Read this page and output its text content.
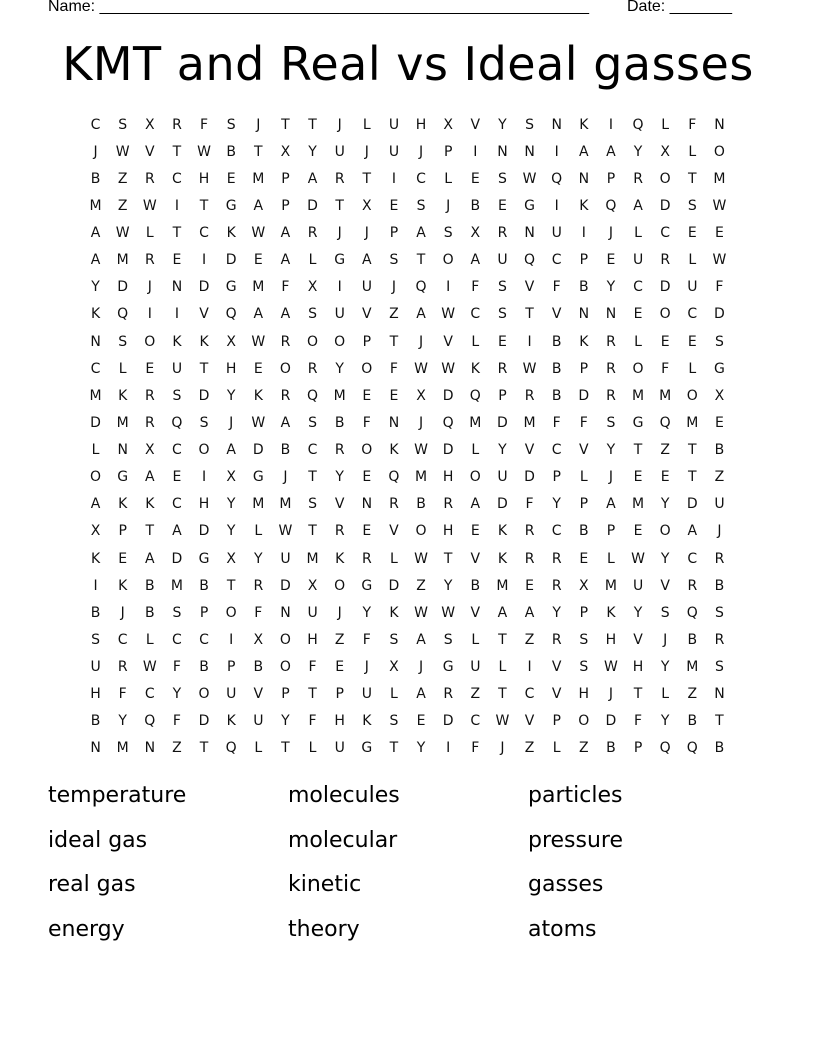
Name: _______________________________________________________ Date: _______
KMT and Real vs Ideal gasses
C	S	X	R	F	S	J	T	T	J	L	U	H	X	V	Y	S	N	K	I	Q	L	F	N
J	W	V	T	W	B	T	X	Y	U	J	U	J	P	I	N	N	I	A	A	Y	X	L	O
B	Z	R	C	H	E	M	P	A	R	T	I	C	L	E	S	W	Q	N	P	R	O	T	M
M	Z	W	I	T	G	A	P	D	T	X	E	S	J	B	E	G	I	K	Q	A	D	S	W
A	W	L	T	C	K	W	A	R	J	J	P	A	S	X	R	N	U	I	J	L	C	E	E
A	M	R	E	I	D	E	A	L	G	A	S	T	O	A	U	Q	C	P	E	U	R	L	W
Y	D	J	N	D	G	M	F	X	I	U	J	Q	I	F	S	V	F	B	Y	C	D	U	F
K	Q	I	I	V	Q	A	A	S	U	V	Z	A	W	C	S	T	V	N	N	E	O	C	D
N	S	O	K	K	X	W	R	O	O	P	T	J	V	L	E	I	B	K	R	L	E	E	S
C	L	E	U	T	H	E	O	R	Y	O	F	W W	K	R	W	B	P	R	O	F	L	G
M	K	R	S	D	Y	K	R	Q	M	E	E	X	D	Q	P	R	B	D	R	M	M	O	X
D	M	R	Q	S	J	W	A	S	B	F	N	J	Q	M	D	M	F	F	S	G	Q	M	E
L	N	X	C	O	A	D	B	C	R	O	K	W	D	L	Y	V	C	V	Y	T	Z	T	B
O	G	A	E	I	X	G	J	T	Y	E	Q	M	H	O	U	D	P	L	J	E	E	T	Z
A	K	K	C	H	Y	M	M	S	V	N	R	B	R	A	D	F	Y	P	A	M	Y	D	U
X	P	T	A	D	Y	L	W	T	R	E	V	O	H	E	K	R	C	B	P	E	O	A	J
K	E	A	D	G	X	Y	U	M	K	R	L	W	T	V	K	R	R	E	L	W	Y	C	R
I	K	B	M	B	T	R	D	X	O	G	D	Z	Y	B	M	E	R	X	M	U	V	R	B
B	J	B	S	P	O	F	N	U	J	Y	K	W W	V	A	A	Y	P	K	Y	S	Q	S
S	C	L	C	C	I	X	O	H	Z	F	S	A	S	L	T	Z	R	S	H	V	J	B	R
U	R	W	F	B	P	B	O	F	E	J	X	J	G	U	L	I	V	S	W	H	Y	M	S
H	F	C	Y	O	U	V	P	T	P	U	L	A	R	Z	T	C	V	H	J	T	L	Z	N
B	Y	Q	F	D	K	U	Y	F	H	K	S	E	D	C	W	V	P	O	D	F	Y	B	T
N	M	N	Z	T	Q	L	T	L	U	G	T	Y	I	F	J	Z	L	Z	B	P	Q	Q	B
temperature	molecules	particles
ideal gas	molecular	pressure
real gas	kinetic	gasses
energy	theory	atoms
